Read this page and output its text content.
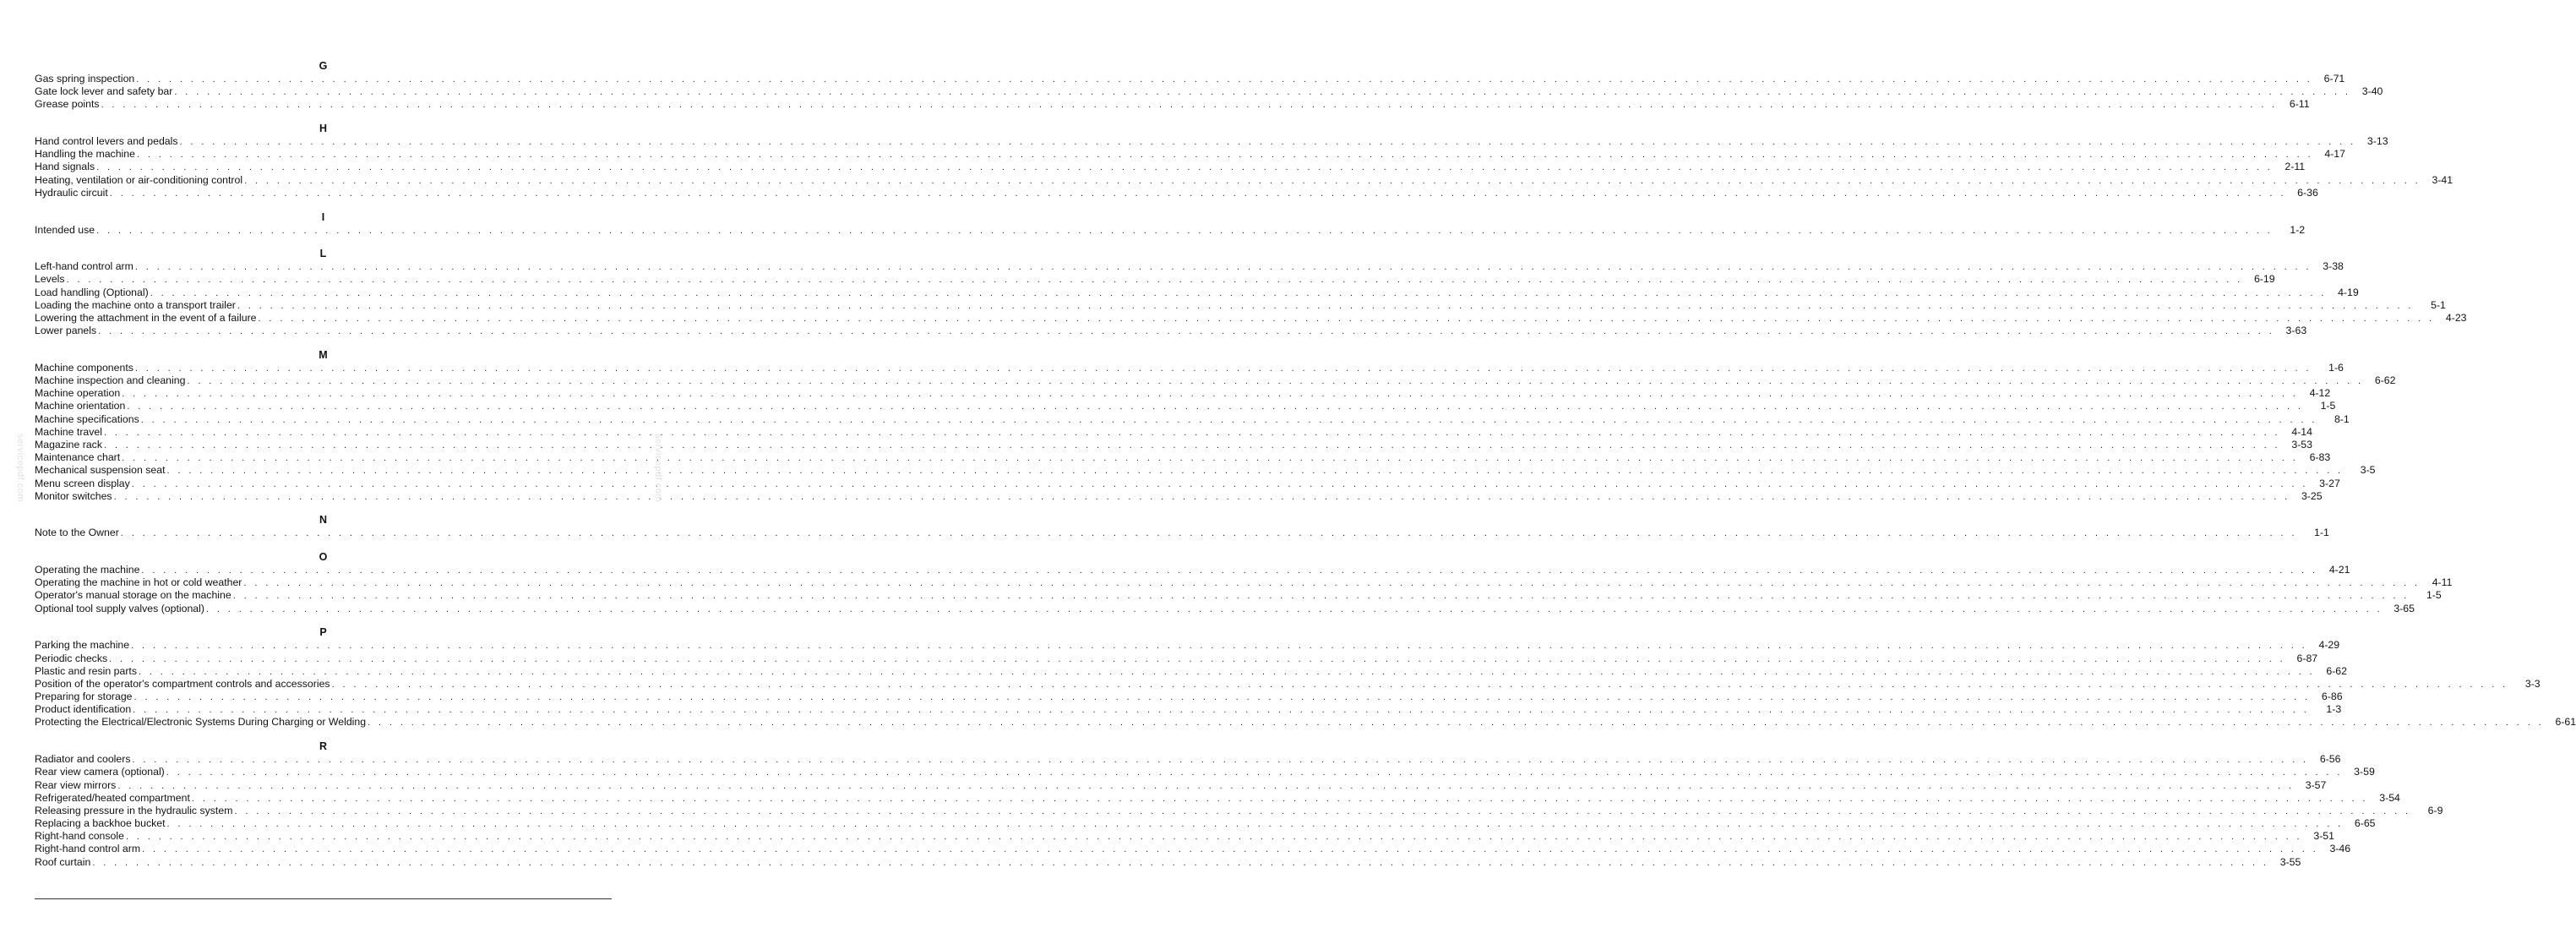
G
Gas spring inspection . . . . . . . . . . . . . . . . . . . . . . . . . . . . . . . . . . . . . . . . . . . . . . . . . . . . . . . . . . . . . . . . . . . . . . . . . . . . . . . . . . . . . . . . . . . . . . . . . . . . . . . . . . . . . . . . . . . . . . . . . . . . . . . . . . . . . . . . . . . . . . . . . . . . . . . . . . . . . . . . . . . . . . . . . . . . . . . . . . . . . . . . . . . . . . . . . . . . . . . .	6-71
Gate lock lever and safety bar . . . . . . . . . . . . . . . . . . . . . . . . . . . . . . . . . . . . . . . . . . . . . . . . . . . . . . . . . . . . . . . . . . . . . . . . . . . . . . . . . . . . . . . . . . . . . . . . . . . . . . . . . . . . . . . . . . . . . . . . . . . . . . . . . . . . . . . . . . . . . . . . . . . . . . . . . . . . . . . . . . . . . . . . . . . . . . . . . . . . . . . . . . . . . . . . . . . . . . . .	3-40
Grease points . . . . . . . . . . . . . . . . . . . . . . . . . . . . . . . . . . . . . . . . . . . . . . . . . . . . . . . . . . . . . . . . . . . . . . . . . . . . . . . . . . . . . . . . . . . . . . . . . . . . . . . . . . . . . . . . . . . . . . . . . . . . . . . . . . . . . . . . . . . . . . . . . . . . . . . . . . . . . . . . . . . . . . . . . . . . . . . . . . . . . . . . . . . . . . . . . . . . . . . .	6-11
H
Hand control levers and pedals . . . . . . . . . . . . . . . . . . . . . . . . . . . . . . . . . . . . . . . . . . . . . . . . . . . . . . . . . . . . . . . . . . . . . . . . . . . . . . . . . . . . . . . . . . . . . . . . . . . . . . . . . . . . . . . . . . . . . . . . . . . . . . . . . . . . . . . . . . . . . . . . . . . . . . . . . . . . . . . . . . . . . . . . . . . . . . . . . . . . . . . . . . . . . . . . . . . . . . . .	3-13
Handling the machine . . . . . . . . . . . . . . . . . . . . . . . . . . . . . . . . . . . . . . . . . . . . . . . . . . . . . . . . . . . . . . . . . . . . . . . . . . . . . . . . . . . . . . . . . . . . . . . . . . . . . . . . . . . . . . . . . . . . . . . . . . . . . . . . . . . . . . . . . . . . . . . . . . . . . . . . . . . . . . . . . . . . . . . . . . . . . . . . . . . . . . . . . . . . . . . . . . . . . . . .	4-17
Hand signals . . . . . . . . . . . . . . . . . . . . . . . . . . . . . . . . . . . . . . . . . . . . . . . . . . . . . . . . . . . . . . . . . . . . . . . . . . . . . . . . . . . . . . . . . . . . . . . . . . . . . . . . . . . . . . . . . . . . . . . . . . . . . . . . . . . . . . . . . . . . . . . . . . . . . . . . . . . . . . . . . . . . . . . . . . . . . . . . . . . . . . . . . . . . . . . . . . . . . . . .	2-11
Heating, ventilation or air-conditioning control . . . . . . . . . . . . . . . . . . . . . . . . . . . . . . . . . . . . . . . . . . . . . . . . . . . . . . . . . . . . . . . . . . . . . . . . . . . . . . . . . . . . . . . . . . . . . . . . . . . . . . . . . . . . . . . . . . . . . . . . . . . . . . . . . . . . . . . . . . . . . . . . . . . . . . . . . . . . . . . . . . . . . . . . . . . . . . . . . . . . . . . . . . . . . . . . . . . . . . . .	3-41
Hydraulic circuit . . . . . . . . . . . . . . . . . . . . . . . . . . . . . . . . . . . . . . . . . . . . . . . . . . . . . . . . . . . . . . . . . . . . . . . . . . . . . . . . . . . . . . . . . . . . . . . . . . . . . . . . . . . . . . . . . . . . . . . . . . . . . . . . . . . . . . . . . . . . . . . . . . . . . . . . . . . . . . . . . . . . . . . . . . . . . . . . . . . . . . . . . . . . . . . . . . . . . . . .	6-36
I
Intended use . . . . . . . . . . . . . . . . . . . . . . . . . . . . . . . . . . . . . . . . . . . . . . . . . . . . . . . . . . . . . . . . . . . . . . . . . . . . . . . . . . . . . . . . . . . . . . . . . . . . . . . . . . . . . . . . . . . . . . . . . . . . . . . . . . . . . . . . . . . . . . . . . . . . . . . . . . . . . . . . . . . . . . . . . . . . . . . . . . . . . . . . . . . . . . . . . . . . . . . .	1-2
L
Left-hand control arm . . . . . . . . . . . . . . . . . . . . . . . . . . . . . . . . . . . . . . . . . . . . . . . . . . . . . . . . . . . . . . . . . . . . . . . . . . . . . . . . . . . . . . . . . . . . . . . . . . . . . . . . . . . . . . . . . . . . . . . . . . . . . . . . . . . . . . . . . . . . . . . . . . . . . . . . . . . . . . . . . . . . . . . . . . . . . . . . . . . . . . . . . . . . . . . . . . . . . . . .	3-38
Levels . . . . . . . . . . . . . . . . . . . . . . . . . . . . . . . . . . . . . . . . . . . . . . . . . . . . . . . . . . . . . . . . . . . . . . . . . . . . . . . . . . . . . . . . . . . . . . . . . . . . . . . . . . . . . . . . . . . . . . . . . . . . . . . . . . . . . . . . . . . . . . . . . . . . . . . . . . . . . . . . . . . . . . . . . . . . . . . . . . . . . . . . . . . . . . . . . . . . . . . .	6-19
Load handling (Optional) . . . . . . . . . . . . . . . . . . . . . . . . . . . . . . . . . . . . . . . . . . . . . . . . . . . . . . . . . . . . . . . . . . . . . . . . . . . . . . . . . . . . . . . . . . . . . . . . . . . . . . . . . . . . . . . . . . . . . . . . . . . . . . . . . . . . . . . . . . . . . . . . . . . . . . . . . . . . . . . . . . . . . . . . . . . . . . . . . . . . . . . . . . . . . . . . . . . . . . . .	4-19
Loading the machine onto a transport trailer . . . . . . . . . . . . . . . . . . . . . . . . . . . . . . . . . . . . . . . . . . . . . . . . . . . . . . . . . . . . . . . . . . . . . . . . . . . . . . . . . . . . . . . . . . . . . . . . . . . . . . . . . . . . . . . . . . . . . . . . . . . . . . . . . . . . . . . . . . . . . . . . . . . . . . . . . . . . . . . . . . . . . . . . . . . . . . . . . . . . . . . . . . . . . . . . . . . . . . . .	5-1
Lowering the attachment in the event of a failure . . . . . . . . . . . . . . . . . . . . . . . . . . . . . . . . . . . . . . . . . . . . . . . . . . . . . . . . . . . . . . . . . . . . . . . . . . . . . . . . . . . . . . . . . . . . . . . . . . . . . . . . . . . . . . . . . . . . . . . . . . . . . . . . . . . . . . . . . . . . . . . . . . . . . . . . . . . . . . . . . . . . . . . . . . . . . . . . . . . . . . . . . . . . . . . . . . . . . . . .	4-23
Lower panels . . . . . . . . . . . . . . . . . . . . . . . . . . . . . . . . . . . . . . . . . . . . . . . . . . . . . . . . . . . . . . . . . . . . . . . . . . . . . . . . . . . . . . . . . . . . . . . . . . . . . . . . . . . . . . . . . . . . . . . . . . . . . . . . . . . . . . . . . . . . . . . . . . . . . . . . . . . . . . . . . . . . . . . . . . . . . . . . . . . . . . . . . . . . . . . . . . . . . . . .	3-63
M
Machine components . . . . . . . . . . . . . . . . . . . . . . . . . . . . . . . . . . . . . . . . . . . . . . . . . . . . . . . . . . . . . . . . . . . . . . . . . . . . . . . . . . . . . . . . . . . . . . . . . . . . . . . . . . . . . . . . . . . . . . . . . . . . . . . . . . . . . . . . . . . . . . . . . . . . . . . . . . . . . . . . . . . . . . . . . . . . . . . . . . . . . . . . . . . . . . . . . . . . . . . .	1-6
Machine inspection and cleaning . . . . . . . . . . . . . . . . . . . . . . . . . . . . . . . . . . . . . . . . . . . . . . . . . . . . . . . . . . . . . . . . . . . . . . . . . . . . . . . . . . . . . . . . . . . . . . . . . . . . . . . . . . . . . . . . . . . . . . . . . . . . . . . . . . . . . . . . . . . . . . . . . . . . . . . . . . . . . . . . . . . . . . . . . . . . . . . . . . . . . . . . . . . . . . . . . . . . . . . .	6-62
Machine operation . . . . . . . . . . . . . . . . . . . . . . . . . . . . . . . . . . . . . . . . . . . . . . . . . . . . . . . . . . . . . . . . . . . . . . . . . . . . . . . . . . . . . . . . . . . . . . . . . . . . . . . . . . . . . . . . . . . . . . . . . . . . . . . . . . . . . . . . . . . . . . . . . . . . . . . . . . . . . . . . . . . . . . . . . . . . . . . . . . . . . . . . . . . . . . . . . . . . . . . .	4-12
Machine orientation . . . . . . . . . . . . . . . . . . . . . . . . . . . . . . . . . . . . . . . . . . . . . . . . . . . . . . . . . . . . . . . . . . . . . . . . . . . . . . . . . . . . . . . . . . . . . . . . . . . . . . . . . . . . . . . . . . . . . . . . . . . . . . . . . . . . . . . . . . . . . . . . . . . . . . . . . . . . . . . . . . . . . . . . . . . . . . . . . . . . . . . . . . . . . . . . . . . . . . . .	1-5
Machine specifications . . . . . . . . . . . . . . . . . . . . . . . . . . . . . . . . . . . . . . . . . . . . . . . . . . . . . . . . . . . . . . . . . . . . . . . . . . . . . . . . . . . . . . . . . . . . . . . . . . . . . . . . . . . . . . . . . . . . . . . . . . . . . . . . . . . . . . . . . . . . . . . . . . . . . . . . . . . . . . . . . . . . . . . . . . . . . . . . . . . . . . . . . . . . . . . . . . . . . . . .	8-1
Machine travel . . . . . . . . . . . . . . . . . . . . . . . . . . . . . . . . . . . . . . . . . . . . . . . . . . . . . . . . . . . . . . . . . . . . . . . . . . . . . . . . . . . . . . . . . . . . . . . . . . . . . . . . . . . . . . . . . . . . . . . . . . . . . . . . . . . . . . . . . . . . . . . . . . . . . . . . . . . . . . . . . . . . . . . . . . . . . . . . . . . . . . . . . . . . . . . . . . . . . . . .	4-14
Magazine rack . . . . . . . . . . . . . . . . . . . . . . . . . . . . . . . . . . . . . . . . . . . . . . . . . . . . . . . . . . . . . . . . . . . . . . . . . . . . . . . . . . . . . . . . . . . . . . . . . . . . . . . . . . . . . . . . . . . . . . . . . . . . . . . . . . . . . . . . . . . . . . . . . . . . . . . . . . . . . . . . . . . . . . . . . . . . . . . . . . . . . . . . . . . . . . . . . . . . . . . .	3-53
Maintenance chart . . . . . . . . . . . . . . . . . . . . . . . . . . . . . . . . . . . . . . . . . . . . . . . . . . . . . . . . . . . . . . . . . . . . . . . . . . . . . . . . . . . . . . . . . . . . . . . . . . . . . . . . . . . . . . . . . . . . . . . . . . . . . . . . . . . . . . . . . . . . . . . . . . . . . . . . . . . . . . . . . . . . . . . . . . . . . . . . . . . . . . . . . . . . . . . . . . . . . . . .	6-83
Mechanical suspension seat . . . . . . . . . . . . . . . . . . . . . . . . . . . . . . . . . . . . . . . . . . . . . . . . . . . . . . . . . . . . . . . . . . . . . . . . . . . . . . . . . . . . . . . . . . . . . . . . . . . . . . . . . . . . . . . . . . . . . . . . . . . . . . . . . . . . . . . . . . . . . . . . . . . . . . . . . . . . . . . . . . . . . . . . . . . . . . . . . . . . . . . . . . . . . . . . . . . . . . . .	3-5
Menu screen display . . . . . . . . . . . . . . . . . . . . . . . . . . . . . . . . . . . . . . . . . . . . . . . . . . . . . . . . . . . . . . . . . . . . . . . . . . . . . . . . . . . . . . . . . . . . . . . . . . . . . . . . . . . . . . . . . . . . . . . . . . . . . . . . . . . . . . . . . . . . . . . . . . . . . . . . . . . . . . . . . . . . . . . . . . . . . . . . . . . . . . . . . . . . . . . . . . . . . . . .	3-27
Monitor switches . . . . . . . . . . . . . . . . . . . . . . . . . . . . . . . . . . . . . . . . . . . . . . . . . . . . . . . . . . . . . . . . . . . . . . . . . . . . . . . . . . . . . . . . . . . . . . . . . . . . . . . . . . . . . . . . . . . . . . . . . . . . . . . . . . . . . . . . . . . . . . . . . . . . . . . . . . . . . . . . . . . . . . . . . . . . . . . . . . . . . . . . . . . . . . . . . . . . . . . .	3-25
N
Note to the Owner . . . . . . . . . . . . . . . . . . . . . . . . . . . . . . . . . . . . . . . . . . . . . . . . . . . . . . . . . . . . . . . . . . . . . . . . . . . . . . . . . . . . . . . . . . . . . . . . . . . . . . . . . . . . . . . . . . . . . . . . . . . . . . . . . . . . . . . . . . . . . . . . . . . . . . . . . . . . . . . . . . . . . . . . . . . . . . . . . . . . . . . . . . . . . . . . . . . . . . . .	1-1
O
Operating the machine . . . . . . . . . . . . . . . . . . . . . . . . . . . . . . . . . . . . . . . . . . . . . . . . . . . . . . . . . . . . . . . . . . . . . . . . . . . . . . . . . . . . . . . . . . . . . . . . . . . . . . . . . . . . . . . . . . . . . . . . . . . . . . . . . . . . . . . . . . . . . . . . . . . . . . . . . . . . . . . . . . . . . . . . . . . . . . . . . . . . . . . . . . . . . . . . . . . . . . . .	4-21
Operating the machine in hot or cold weather . . . . . . . . . . . . . . . . . . . . . . . . . . . . . . . . . . . . . . . . . . . . . . . . . . . . . . . . . . . . . . . . . . . . . . . . . . . . . . . . . . . . . . . . . . . . . . . . . . . . . . . . . . . . . . . . . . . . . . . . . . . . . . . . . . . . . . . . . . . . . . . . . . . . . . . . . . . . . . . . . . . . . . . . . . . . . . . . . . . . . . . . . . . . . . . . . . . . . . . .	4-11
Operator's manual storage on the machine . . . . . . . . . . . . . . . . . . . . . . . . . . . . . . . . . . . . . . . . . . . . . . . . . . . . . . . . . . . . . . . . . . . . . . . . . . . . . . . . . . . . . . . . . . . . . . . . . . . . . . . . . . . . . . . . . . . . . . . . . . . . . . . . . . . . . . . . . . . . . . . . . . . . . . . . . . . . . . . . . . . . . . . . . . . . . . . . . . . . . . . . . . . . . . . . . . . . . . . .	1-5
Optional tool supply valves (optional) . . . . . . . . . . . . . . . . . . . . . . . . . . . . . . . . . . . . . . . . . . . . . . . . . . . . . . . . . . . . . . . . . . . . . . . . . . . . . . . . . . . . . . . . . . . . . . . . . . . . . . . . . . . . . . . . . . . . . . . . . . . . . . . . . . . . . . . . . . . . . . . . . . . . . . . . . . . . . . . . . . . . . . . . . . . . . . . . . . . . . . . . . . . . . . . . . . . . . . . .	3-65
P
Parking the machine . . . . . . . . . . . . . . . . . . . . . . . . . . . . . . . . . . . . . . . . . . . . . . . . . . . . . . . . . . . . . . . . . . . . . . . . . . . . . . . . . . . . . . . . . . . . . . . . . . . . . . . . . . . . . . . . . . . . . . . . . . . . . . . . . . . . . . . . . . . . . . . . . . . . . . . . . . . . . . . . . . . . . . . . . . . . . . . . . . . . . . . . . . . . . . . . . . . . . . . .	4-29
Periodic checks . . . . . . . . . . . . . . . . . . . . . . . . . . . . . . . . . . . . . . . . . . . . . . . . . . . . . . . . . . . . . . . . . . . . . . . . . . . . . . . . . . . . . . . . . . . . . . . . . . . . . . . . . . . . . . . . . . . . . . . . . . . . . . . . . . . . . . . . . . . . . . . . . . . . . . . . . . . . . . . . . . . . . . . . . . . . . . . . . . . . . . . . . . . . . . . . . . . . . . . .	6-87
Plastic and resin parts . . . . . . . . . . . . . . . . . . . . . . . . . . . . . . . . . . . . . . . . . . . . . . . . . . . . . . . . . . . . . . . . . . . . . . . . . . . . . . . . . . . . . . . . . . . . . . . . . . . . . . . . . . . . . . . . . . . . . . . . . . . . . . . . . . . . . . . . . . . . . . . . . . . . . . . . . . . . . . . . . . . . . . . . . . . . . . . . . . . . . . . . . . . . . . . . . . . . . . . .	6-62
Position of the operator's compartment controls and accessories . . . . . . . . . . . . . . . . . . . . . . . . . . . . . . . . . . . . . . . . . . . . . . . . . . . . . . . . . . . . . . . . . . . . . . . . . . . . . . . . . . . . . . . . . . . . . . . . . . . . . . . . . . . . . . . . . . . . . . . . . . . . . . . . . . . . . . . . . . . . . . . . . . . . . . . . . . . . . . . . . . . . . . . . . . . . . . . . . . . . . . . . . . . . . . . . . . . . . . . .	3-3
Preparing for storage . . . . . . . . . . . . . . . . . . . . . . . . . . . . . . . . . . . . . . . . . . . . . . . . . . . . . . . . . . . . . . . . . . . . . . . . . . . . . . . . . . . . . . . . . . . . . . . . . . . . . . . . . . . . . . . . . . . . . . . . . . . . . . . . . . . . . . . . . . . . . . . . . . . . . . . . . . . . . . . . . . . . . . . . . . . . . . . . . . . . . . . . . . . . . . . . . . . . . . . .	6-86
Product identification . . . . . . . . . . . . . . . . . . . . . . . . . . . . . . . . . . . . . . . . . . . . . . . . . . . . . . . . . . . . . . . . . . . . . . . . . . . . . . . . . . . . . . . . . . . . . . . . . . . . . . . . . . . . . . . . . . . . . . . . . . . . . . . . . . . . . . . . . . . . . . . . . . . . . . . . . . . . . . . . . . . . . . . . . . . . . . . . . . . . . . . . . . . . . . . . . . . . . . . .	1-3
Protecting the Electrical/Electronic Systems During Charging or Welding . . . . . . . . . . . . . . . . . . . . . . . . . . . . . . . . . . . . . . . . . . . . . . . . . . . . . . . . . . . . . . . . . . . . . . . . . . . . . . . . . . . . . . . . . . . . . . . . . . . . . . . . . . . . . . . . . . . . . . . . . . . . . . . . . . . . . . . . . . . . . . . . . . . . . . . . . . . . . . . . . . . . . . . . . . . . . . . . . . . . . . . . . . . . . . . . . . . . . . . .	6-61
R
Radiator and coolers . . . . . . . . . . . . . . . . . . . . . . . . . . . . . . . . . . . . . . . . . . . . . . . . . . . . . . . . . . . . . . . . . . . . . . . . . . . . . . . . . . . . . . . . . . . . . . . . . . . . . . . . . . . . . . . . . . . . . . . . . . . . . . . . . . . . . . . . . . . . . . . . . . . . . . . . . . . . . . . . . . . . . . . . . . . . . . . . . . . . . . . . . . . . . . . . . . . . . . . .	6-56
Rear view camera (optional) . . . . . . . . . . . . . . . . . . . . . . . . . . . . . . . . . . . . . . . . . . . . . . . . . . . . . . . . . . . . . . . . . . . . . . . . . . . . . . . . . . . . . . . . . . . . . . . . . . . . . . . . . . . . . . . . . . . . . . . . . . . . . . . . . . . . . . . . . . . . . . . . . . . . . . . . . . . . . . . . . . . . . . . . . . . . . . . . . . . . . . . . . . . . . . . . . . . . . . . .	3-59
Rear view mirrors . . . . . . . . . . . . . . . . . . . . . . . . . . . . . . . . . . . . . . . . . . . . . . . . . . . . . . . . . . . . . . . . . . . . . . . . . . . . . . . . . . . . . . . . . . . . . . . . . . . . . . . . . . . . . . . . . . . . . . . . . . . . . . . . . . . . . . . . . . . . . . . . . . . . . . . . . . . . . . . . . . . . . . . . . . . . . . . . . . . . . . . . . . . . . . . . . . . . . . . .	3-57
Refrigerated/heated compartment . . . . . . . . . . . . . . . . . . . . . . . . . . . . . . . . . . . . . . . . . . . . . . . . . . . . . . . . . . . . . . . . . . . . . . . . . . . . . . . . . . . . . . . . . . . . . . . . . . . . . . . . . . . . . . . . . . . . . . . . . . . . . . . . . . . . . . . . . . . . . . . . . . . . . . . . . . . . . . . . . . . . . . . . . . . . . . . . . . . . . . . . . . . . . . . . . . . . . . . .	3-54
Releasing pressure in the hydraulic system . . . . . . . . . . . . . . . . . . . . . . . . . . . . . . . . . . . . . . . . . . . . . . . . . . . . . . . . . . . . . . . . . . . . . . . . . . . . . . . . . . . . . . . . . . . . . . . . . . . . . . . . . . . . . . . . . . . . . . . . . . . . . . . . . . . . . . . . . . . . . . . . . . . . . . . . . . . . . . . . . . . . . . . . . . . . . . . . . . . . . . . . . . . . . . . . . . . . . . . .	6-9
Replacing a backhoe bucket . . . . . . . . . . . . . . . . . . . . . . . . . . . . . . . . . . . . . . . . . . . . . . . . . . . . . . . . . . . . . . . . . . . . . . . . . . . . . . . . . . . . . . . . . . . . . . . . . . . . . . . . . . . . . . . . . . . . . . . . . . . . . . . . . . . . . . . . . . . . . . . . . . . . . . . . . . . . . . . . . . . . . . . . . . . . . . . . . . . . . . . . . . . . . . . . . . . . . . . .	6-65
Right-hand console . . . . . . . . . . . . . . . . . . . . . . . . . . . . . . . . . . . . . . . . . . . . . . . . . . . . . . . . . . . . . . . . . . . . . . . . . . . . . . . . . . . . . . . . . . . . . . . . . . . . . . . . . . . . . . . . . . . . . . . . . . . . . . . . . . . . . . . . . . . . . . . . . . . . . . . . . . . . . . . . . . . . . . . . . . . . . . . . . . . . . . . . . . . . . . . . . . . . . . . .	3-51
Right-hand control arm . . . . . . . . . . . . . . . . . . . . . . . . . . . . . . . . . . . . . . . . . . . . . . . . . . . . . . . . . . . . . . . . . . . . . . . . . . . . . . . . . . . . . . . . . . . . . . . . . . . . . . . . . . . . . . . . . . . . . . . . . . . . . . . . . . . . . . . . . . . . . . . . . . . . . . . . . . . . . . . . . . . . . . . . . . . . . . . . . . . . . . . . . . . . . . . . . . . . . . . .	3-46
Roof curtain . . . . . . . . . . . . . . . . . . . . . . . . . . . . . . . . . . . . . . . . . . . . . . . . . . . . . . . . . . . . . . . . . . . . . . . . . . . . . . . . . . . . . . . . . . . . . . . . . . . . . . . . . . . . . . . . . . . . . . . . . . . . . . . . . . . . . . . . . . . . . . . . . . . . . . . . . . . . . . . . . . . . . . . . . . . . . . . . . . . . . . . . . . . . . . . . . . . . . . . .	3-55
servicepdf.com	servicepdf.com
